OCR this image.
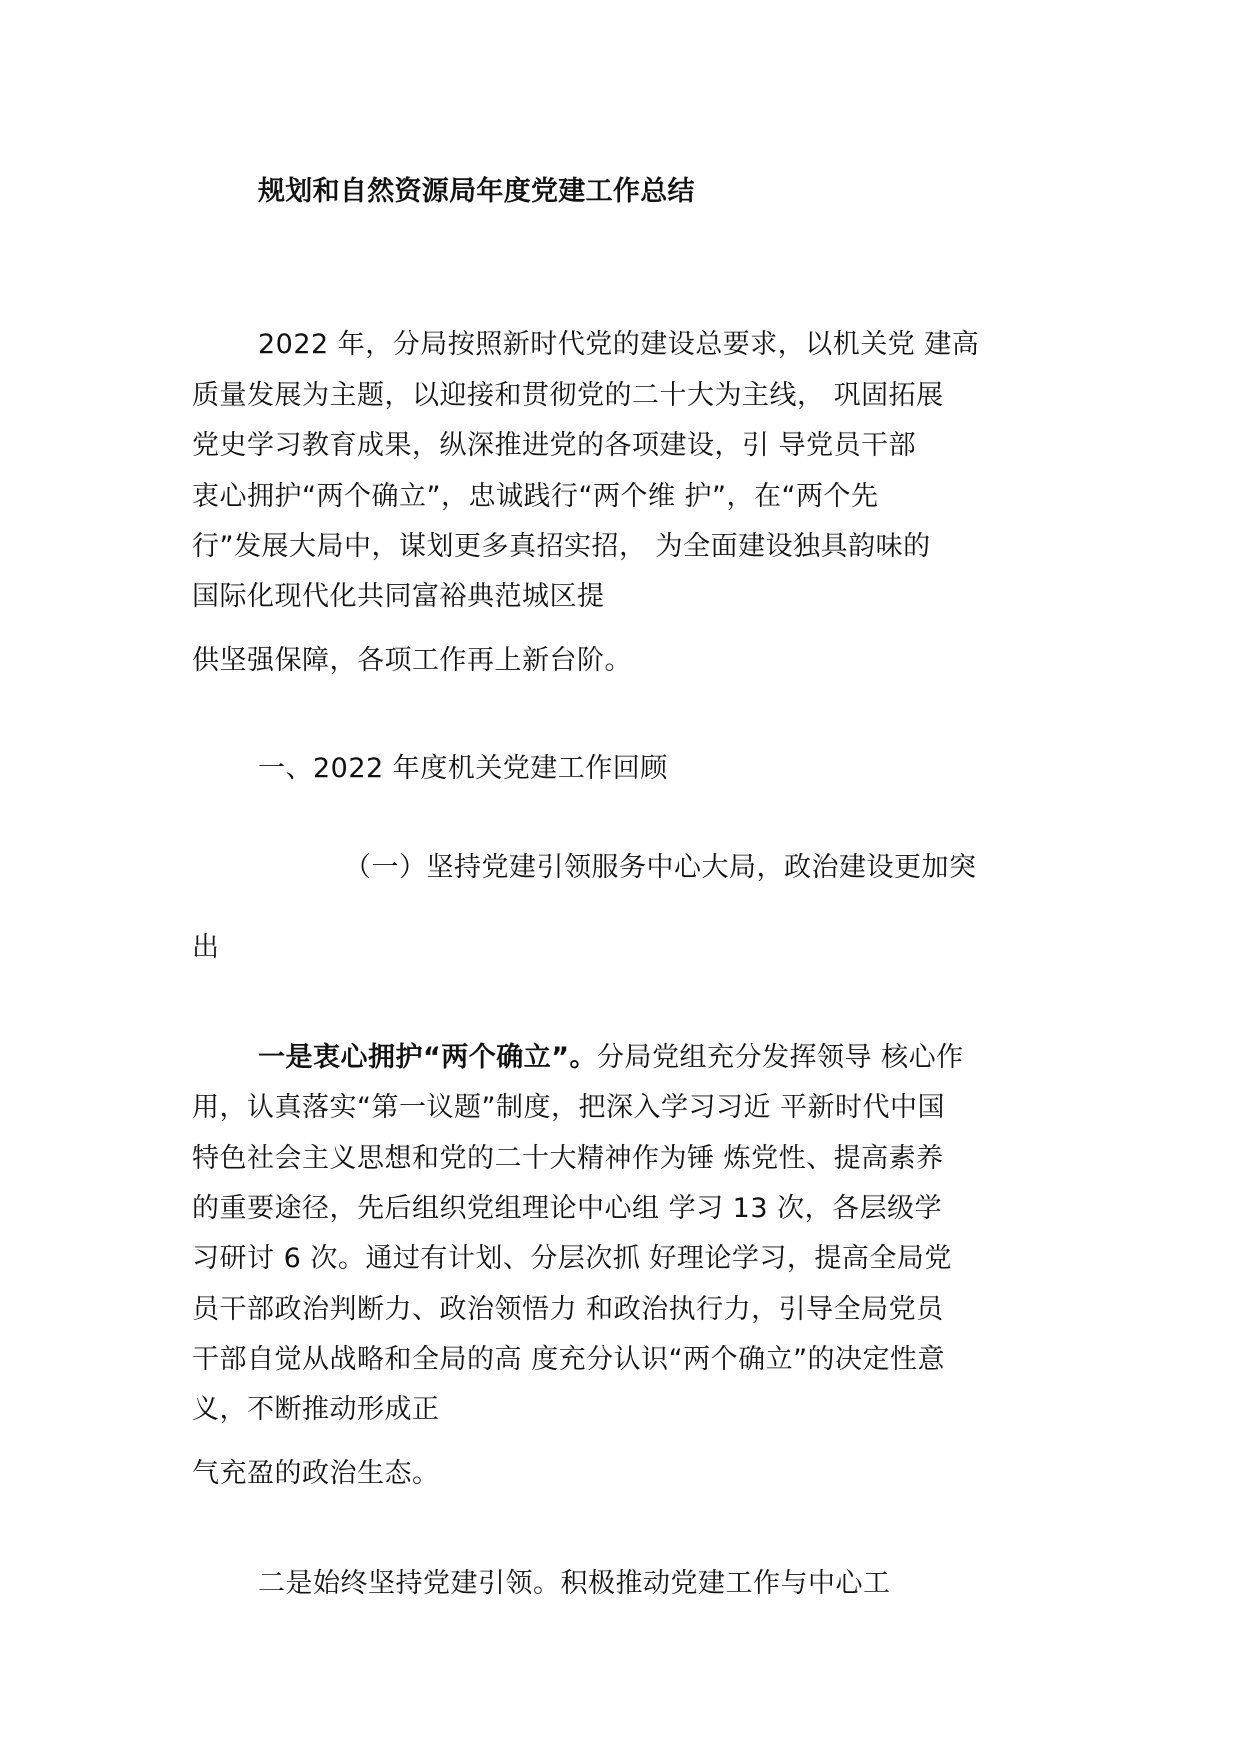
规划和自然资源局年度党建工作总结

2022 年，分局按照新时代党的建设总要求，以机关党 建高

质量发展为主题，以迎接和贯彻党的二十大为主线， 巩固拓展

党史学习教育成果，纵深推进党的各项建设，引 导党员干部

衷心拥护“两个确立”，忠诚践行“两个维 护”，在“两个先

行”发展大局中，谋划更多真招实招， 为全面建设独具韵味的

国际化现代化共同富裕典范城区提

供坚强保障，各项工作再上新台阶。

一、2022 年度机关党建工作回顾

（一）坚持党建引领服务中心大局，政治建设更加突

出

一是衷心拥护“两个确立”。分局党组充分发挥领导 核心作

用，认真落实“第一议题”制度，把深入学习习近 平新时代中国

特色社会主义思想和党的二十大精神作为锤 炼党性、提高素养

的重要途径，先后组织党组理论中心组 学习 13 次，各层级学

习研讨 6 次。通过有计划、分层次抓 好理论学习，提高全局党

员干部政治判断力、政治领悟力 和政治执行力，引导全局党员

干部自觉从战略和全局的高 度充分认识“两个确立”的决定性意

义，不断推动形成正

气充盈的政治生态。

二是始终坚持党建引领。积极推动党建工作与中心工
